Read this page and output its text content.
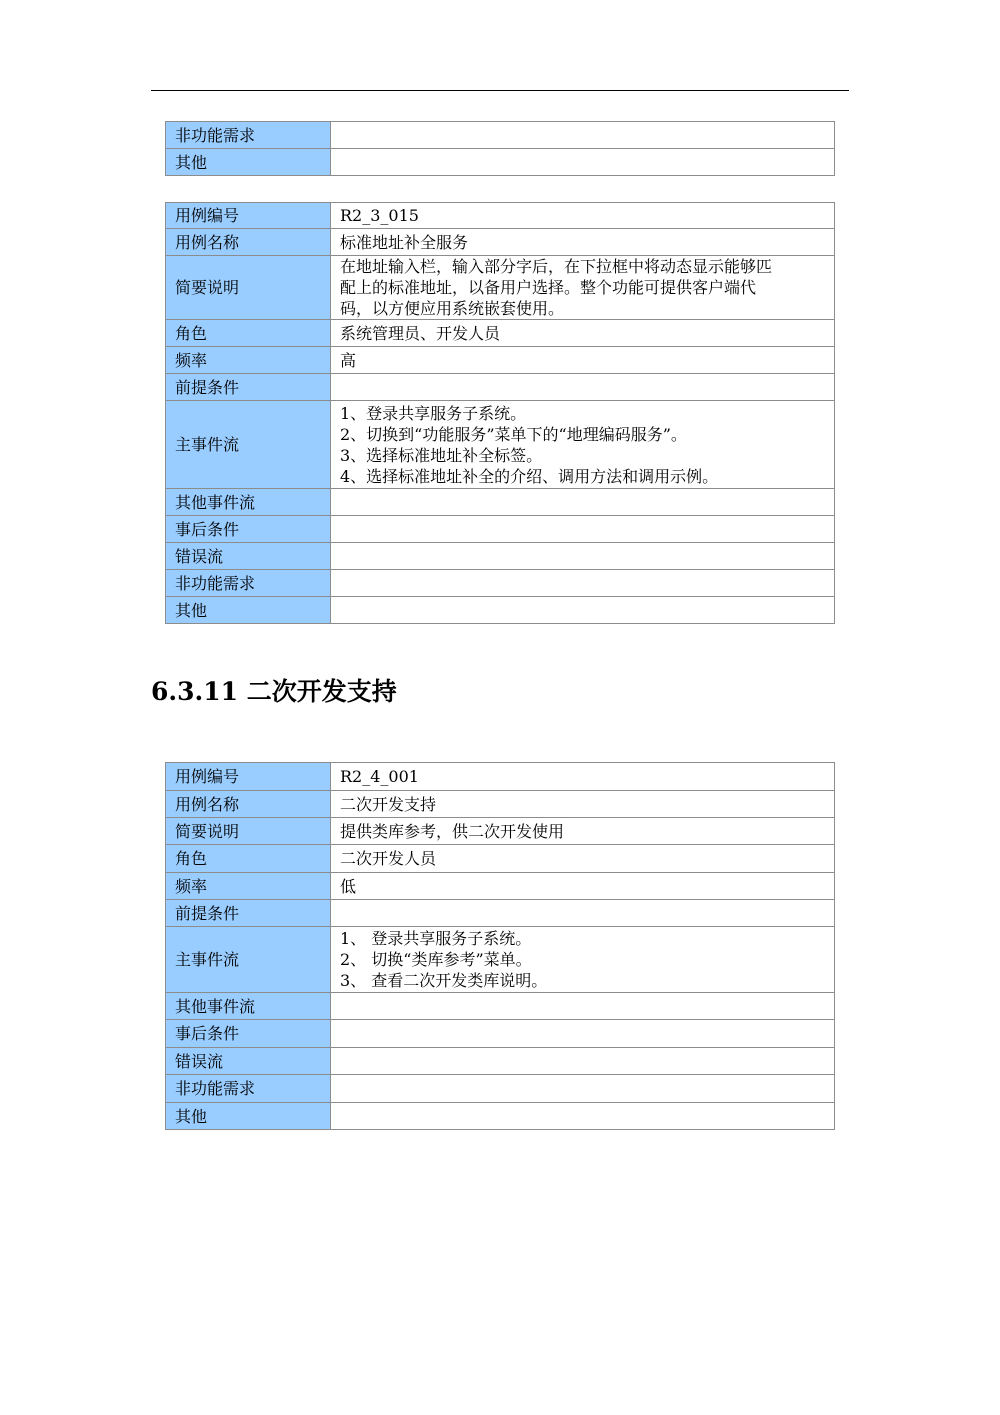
非功能需求	
其他	
用例编号	R2_3_015
用例名称	标准地址补全服务
简要说明	在地址输入栏，输入部分字后，在下拉框中将动态显示能够匹
配上的标准地址，以备用户选择。整个功能可提供客户端代
码，以方便应用系统嵌套使用。

角色	系统管理员、开发人员
频率	高
前提条件	
主事件流	1、登录共享服务子系统。
2、切换到“功能服务”菜单下的“地理编码服务”。
3、选择标准地址补全标签。
4、选择标准地址补全的介绍、调用方法和调用示例。

其他事件流	
事后条件	
错误流	
非功能需求	
其他	
6.3.11 二次开发支持
用例编号	R2_4_001
用例名称	二次开发支持
简要说明	提供类库参考，供二次开发使用
角色	二次开发人员
频率	低
前提条件	
主事件流	1、 登录共享服务子系统。
2、 切换“类库参考”菜单。
3、 查看二次开发类库说明。

其他事件流	
事后条件	
错误流	
非功能需求	
其他	
